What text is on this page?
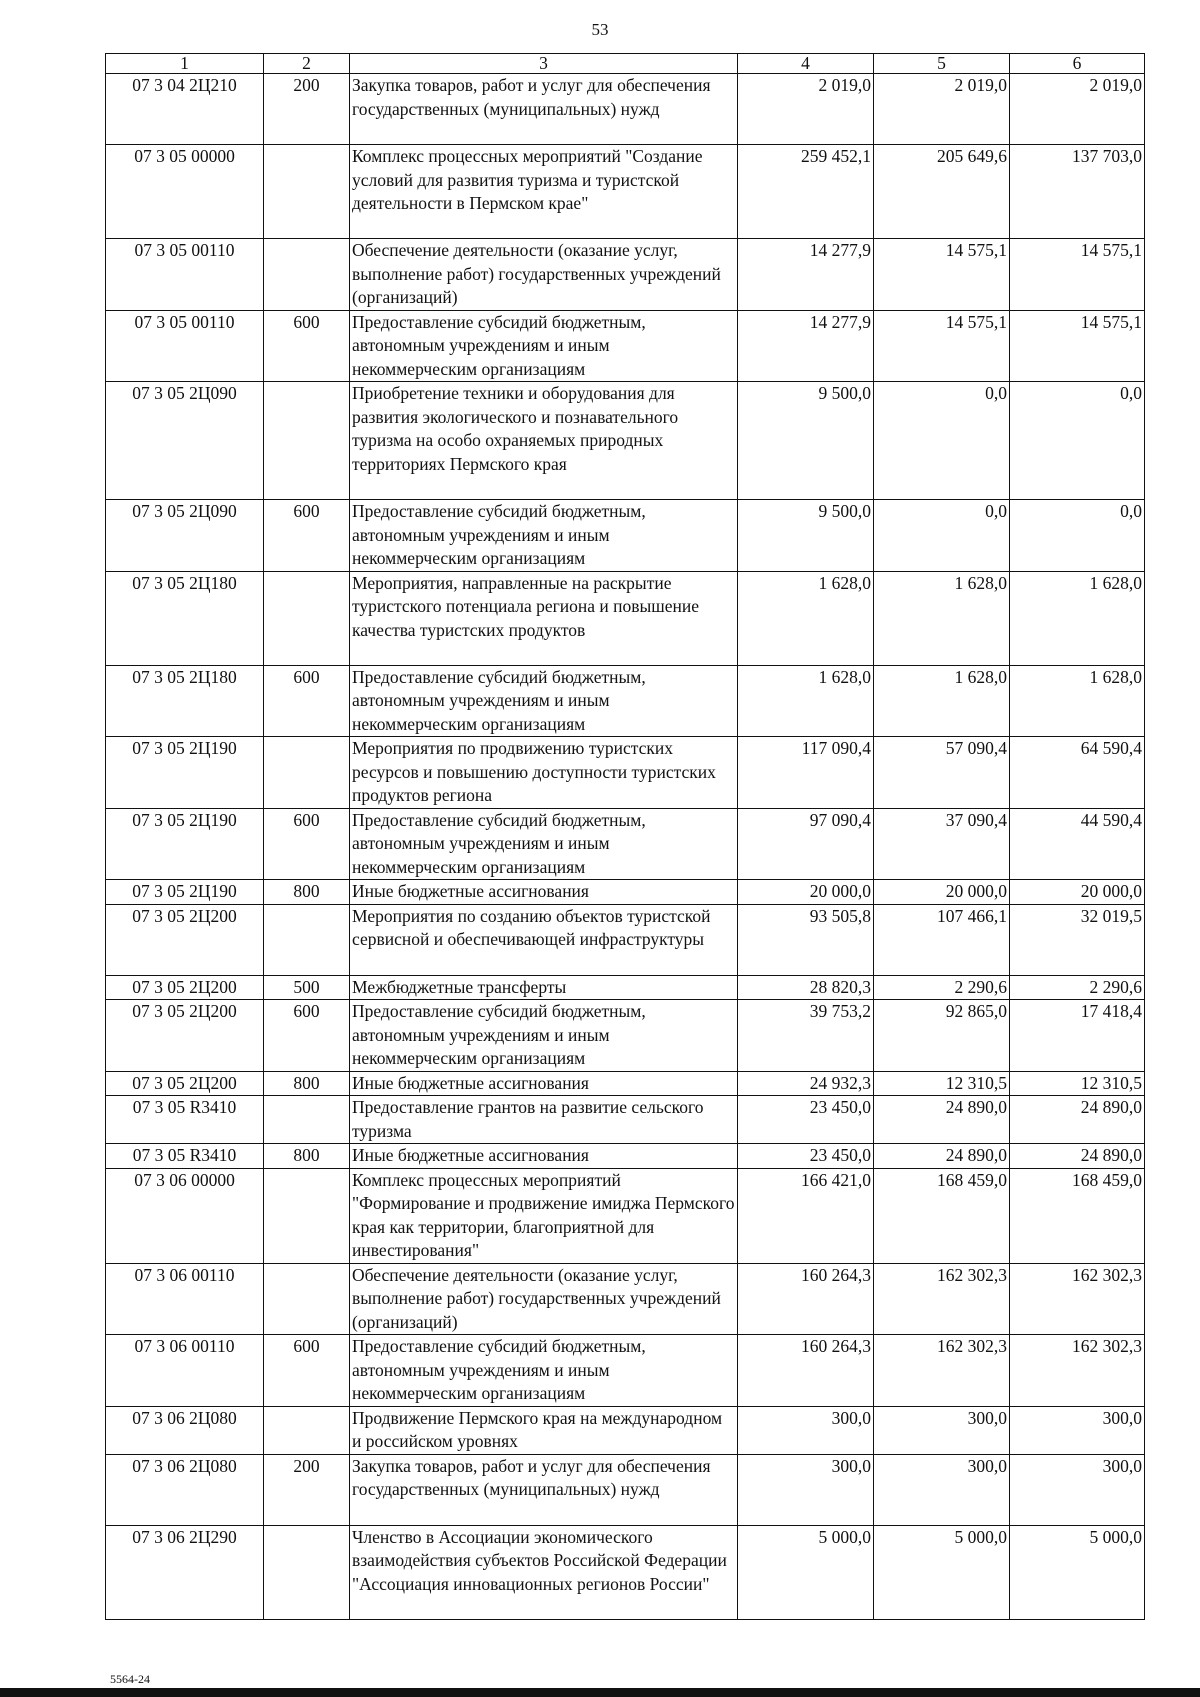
53
1	2	3	4	5	6
07 3 04 2Ц210	200	Закупка товаров, работ и услуг для обеспечения государственных (муниципальных) нужд	2 019,0	2 019,0	2 019,0
07 3 05 00000		Комплекс процессных мероприятий "Создание условий для развития туризма и туристской деятельности в Пермском крае"	259 452,1	205 649,6	137 703,0
07 3 05 00110		Обеспечение деятельности (оказание услуг, выполнение работ) государственных учреждений (организаций)	14 277,9	14 575,1	14 575,1
07 3 05 00110	600	Предоставление субсидий бюджетным, автономным учреждениям и иным некоммерческим организациям	14 277,9	14 575,1	14 575,1
07 3 05 2Ц090		Приобретение техники и оборудования для развития экологического и познавательного туризма на особо охраняемых природных территориях Пермского края	9 500,0	0,0	0,0
07 3 05 2Ц090	600	Предоставление субсидий бюджетным, автономным учреждениям и иным некоммерческим организациям	9 500,0	0,0	0,0
07 3 05 2Ц180		Мероприятия, направленные на раскрытие туристского потенциала региона и повышение качества туристских продуктов	1 628,0	1 628,0	1 628,0
07 3 05 2Ц180	600	Предоставление субсидий бюджетным, автономным учреждениям и иным некоммерческим организациям	1 628,0	1 628,0	1 628,0
07 3 05 2Ц190		Мероприятия по продвижению туристских ресурсов и повышению доступности туристских продуктов региона	117 090,4	57 090,4	64 590,4
07 3 05 2Ц190	600	Предоставление субсидий бюджетным, автономным учреждениям и иным некоммерческим организациям	97 090,4	37 090,4	44 590,4
07 3 05 2Ц190	800	Иные бюджетные ассигнования	20 000,0	20 000,0	20 000,0
07 3 05 2Ц200		Мероприятия по созданию объектов туристской сервисной и обеспечивающей инфраструктуры	93 505,8	107 466,1	32 019,5
07 3 05 2Ц200	500	Межбюджетные трансферты	28 820,3	2 290,6	2 290,6
07 3 05 2Ц200	600	Предоставление субсидий бюджетным, автономным учреждениям и иным некоммерческим организациям	39 753,2	92 865,0	17 418,4
07 3 05 2Ц200	800	Иные бюджетные ассигнования	24 932,3	12 310,5	12 310,5
07 3 05 R3410		Предоставление грантов на развитие сельского туризма	23 450,0	24 890,0	24 890,0
07 3 05 R3410	800	Иные бюджетные ассигнования	23 450,0	24 890,0	24 890,0
07 3 06 00000		Комплекс процессных мероприятий "Формирование и продвижение имиджа Пермского края как территории, благоприятной для инвестирования"	166 421,0	168 459,0	168 459,0
07 3 06 00110		Обеспечение деятельности (оказание услуг, выполнение работ) государственных учреждений (организаций)	160 264,3	162 302,3	162 302,3
07 3 06 00110	600	Предоставление субсидий бюджетным, автономным учреждениям и иным некоммерческим организациям	160 264,3	162 302,3	162 302,3
07 3 06 2Ц080		Продвижение Пермского края на международном и российском уровнях	300,0	300,0	300,0
07 3 06 2Ц080	200	Закупка товаров, работ и услуг для обеспечения государственных (муниципальных) нужд	300,0	300,0	300,0
07 3 06 2Ц290		Членство в Ассоциации экономического взаимодействия субъектов Российской Федерации "Ассоциация инновационных регионов России"	5 000,0	5 000,0	5 000,0
5564-24
